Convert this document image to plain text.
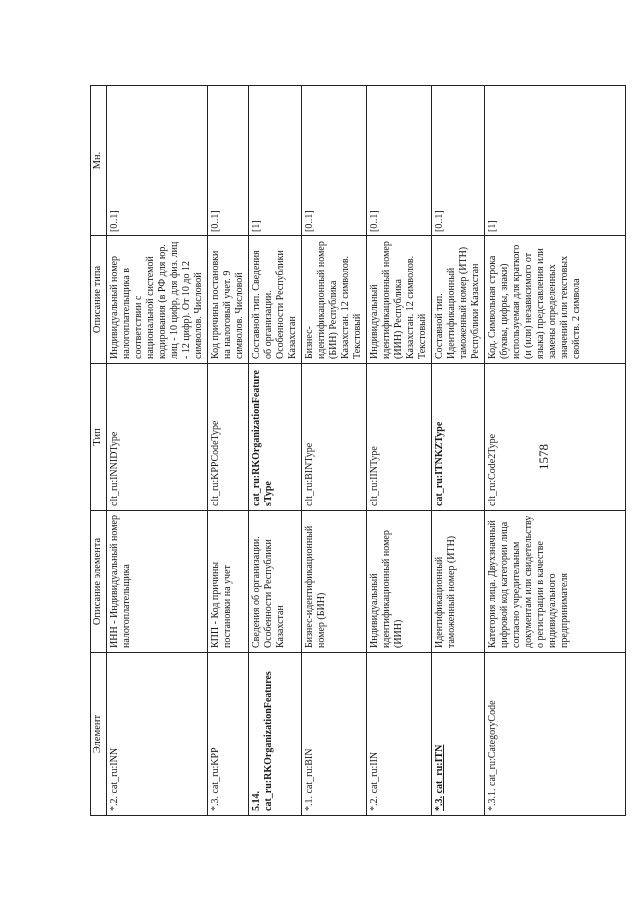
1578
Элемент	Описание элемента	Тип	Описание типа	Мн.
*.2. cat_ru:INN	ИНН - Индивидуальный номер налогоплательщика	clt_ru:INNIDType	Индивидуальный номер налогоплательщика в соответствии с национальной системой кодирования (в РФ для юр. лиц - 10 цифр, для физ. лиц - 12 цифр). От 10 до 12 символов. Числовой	[0..1]
*.3. cat_ru:KPP	КПП - Код причины постановки на учет	clt_ru:KPPCodeType	Код причины постановки на налоговый учет. 9 символов. Числовой	[0..1]
5.14. cat_ru:RKOrganizationFeatures	Сведения об организации. Особенности Республики Казахстан	cat_ru:RKOrganizationFeaturesType	Составной тип. Сведения об организации. Особенности Республики Казахстан	[1]
*.1. cat_ru:BIN	Бизнес-идентификационный номер (БИН)	clt_ru:BINType	Бизнес-идентификационный номер (БИН) Республика Казахстан. 12 символов. Текстовый	[0..1]
*.2. cat_ru:IIN	Индивидуальный идентификационный номер (ИИН)	clt_ru:IINType	Индивидуальный идентификационный номер (ИИН) Республика Казахстан. 12 символов. Текстовый	[0..1]
*.3. cat_ru:ITN	Идентификационный таможенный номер (ИТН)	cat_ru:ITNKZType	Составной тип. Идентификационный таможенный номер (ИТН) Республики Казахстан	[0..1]
*.3.1. cat_ru:CategoryCode	Категория лица. Двухзначный цифровой код категории лица согласно учредительным документам или свидетельству о регистрации в качестве индивидуального предпринимателя	clt_ru:Code2Type	Код. Символьная строка (буквы, цифры, знаки) используемая для краткого (и (или) независимого от языка) представления или замены определенных значений или текстовых свойств. 2 символа	[1]
